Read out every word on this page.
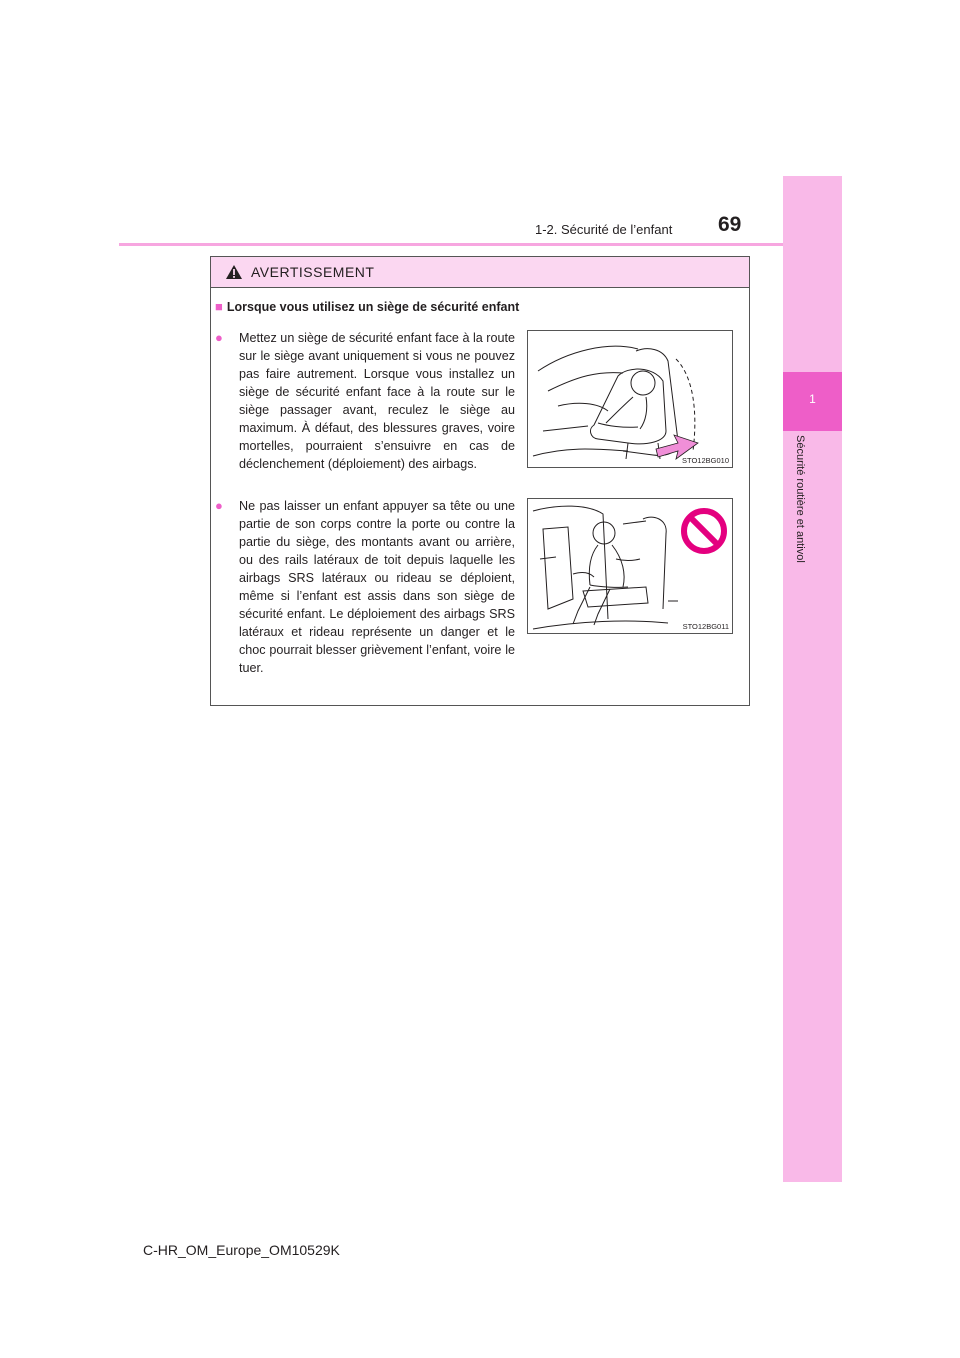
1-2. Sécurité de l’enfant 69
1
Sécurité routière et antivol
AVERTISSEMENT
■ Lorsque vous utilisez un siège de sécurité enfant
● Mettez un siège de sécurité enfant face à la route sur le siège avant uniquement si vous ne pouvez pas faire autrement. Lorsque vous installez un siège de sécurité enfant face à la route sur le siège passager avant, reculez le siège au maximum. À défaut, des blessures graves, voire mortelles, pourraient s’ensuivre en cas de déclenchement (déploiement) des airbags.	STO12BG010
● Ne pas laisser un enfant appuyer sa tête ou une partie de son corps contre la porte ou contre la partie du siège, des montants avant ou arrière, ou des rails latéraux de toit depuis laquelle les airbags SRS latéraux ou rideau se déploient, même si l’enfant est assis dans son siège de sécurité enfant. Le déploiement des airbags SRS latéraux et rideau représente un danger et le choc pourrait blesser grièvement l’enfant, voire le tuer.
STO12BG011
C-HR_OM_Europe_OM10529K
